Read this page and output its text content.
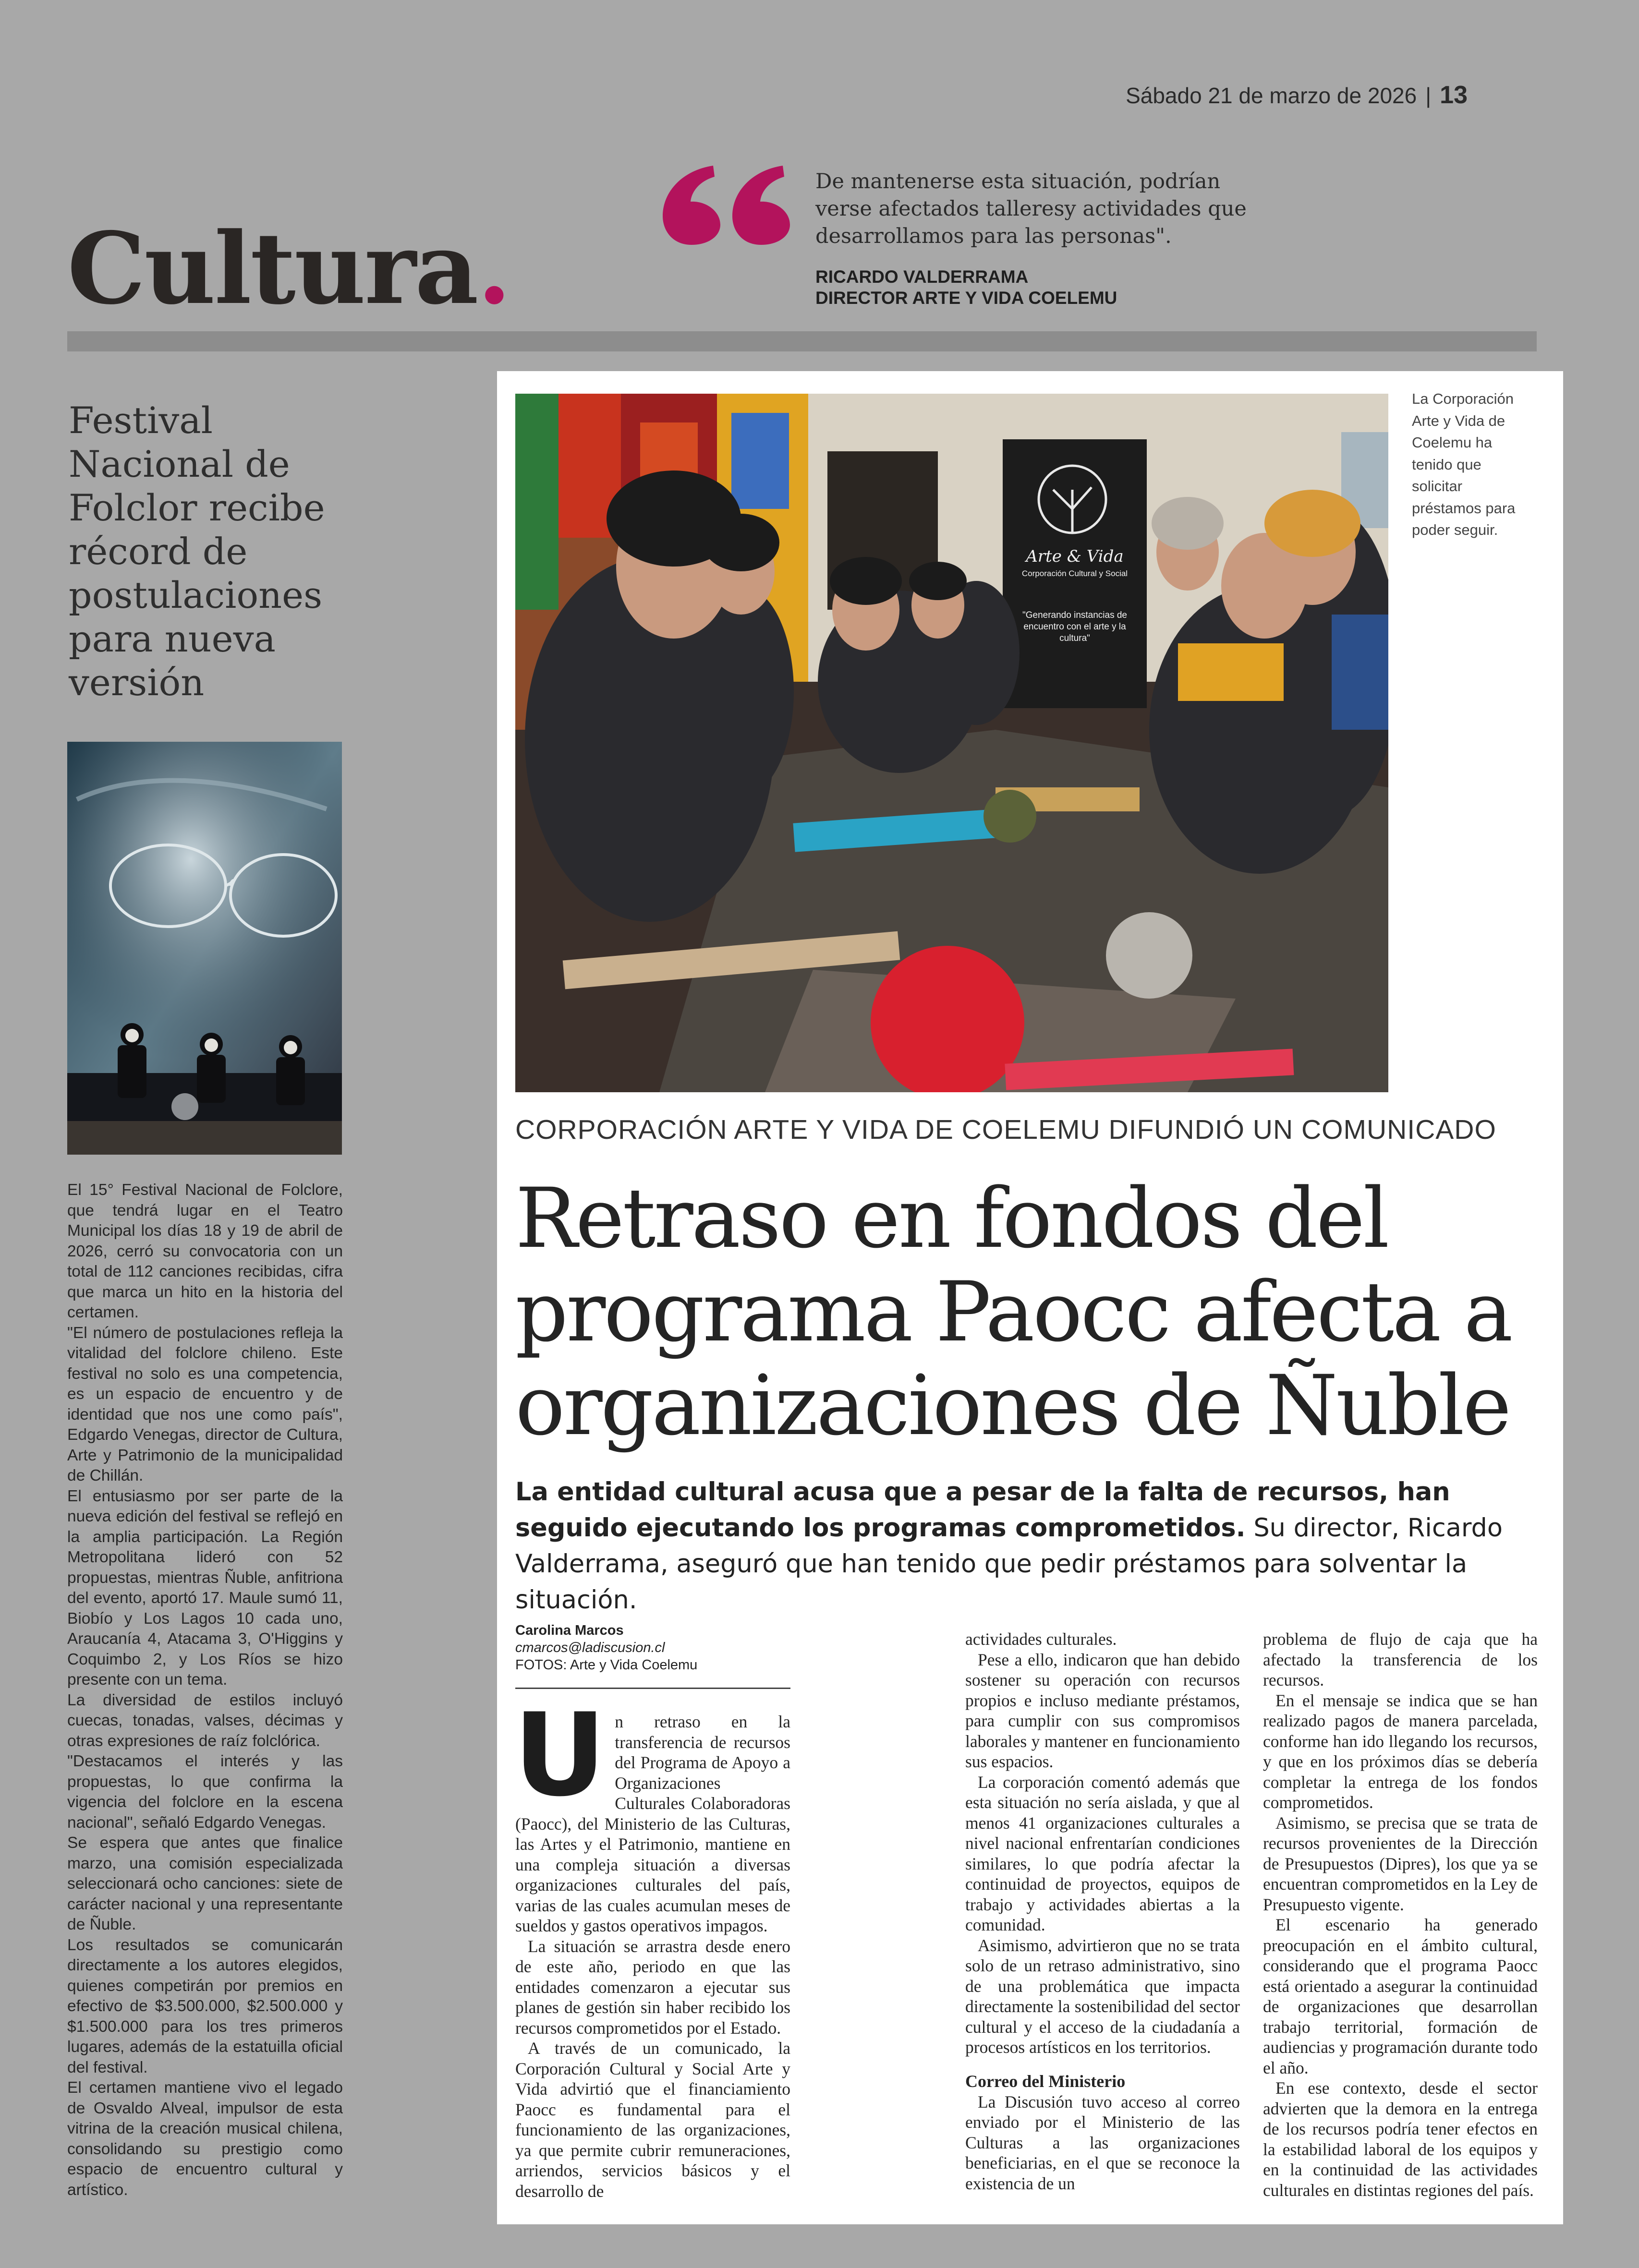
Sábado 21 de marzo de 2026 | 13
Cultura.
De mantenerse esta situación, podrían verse afectados talleresy actividades que desarrollamos para las personas".
RICARDO VALDERRAMA
DIRECTOR ARTE Y VIDA COELEMU
Festival Nacional de Folclor recibe récord de postulaciones para nueva versión

El 15° Festival Nacional de Folclore, que tendrá lugar en el Teatro Municipal los días 18 y 19 de abril de 2026, cerró su convocatoria con un total de 112 canciones recibidas, cifra que marca un hito en la historia del certamen.

"El número de postulaciones refleja la vitalidad del folclore chileno. Este festival no solo es una competencia, es un espacio de encuentro y de identidad que nos une como país", Edgardo Venegas, director de Cultura, Arte y Patrimonio de la municipalidad de Chillán.

El entusiasmo por ser parte de la nueva edición del festival se reflejó en la amplia participación. La Región Metropolitana lideró con 52 propuestas, mientras Ñuble, anfitriona del evento, aportó 17. Maule sumó 11, Biobío y Los Lagos 10 cada uno, Araucanía 4, Atacama 3, O'Higgins y Coquimbo 2, y Los Ríos se hizo presente con un tema.

La diversidad de estilos incluyó cuecas, tonadas, valses, décimas y otras expresiones de raíz folclórica.

"Destacamos el interés y las propuestas, lo que confirma la vigencia del folclore en la escena nacional", señaló Edgardo Venegas.

Se espera que antes que finalice marzo, una comisión especializada seleccionará ocho canciones: siete de carácter nacional y una representante de Ñuble.

Los resultados se comunicarán directamente a los autores elegidos, quienes competirán por premios en efectivo de $3.500.000, $2.500.000 y $1.500.000 para los tres primeros lugares, además de la estatuilla oficial del festival.

El certamen mantiene vivo el legado de Osvaldo Alveal, impulsor de esta vitrina de la creación musical chilena, consolidando su prestigio como espacio de encuentro cultural y artístico.

Arte & Vida
Corporación Cultural y Social
"Generando instancias de encuentro con el arte y la cultura"
La Corporación Arte y Vida de Coelemu ha tenido que solicitar préstamos para poder seguir.
CORPORACIÓN ARTE Y VIDA DE COELEMU DIFUNDIÓ UN COMUNICADO
Retraso en fondos del programa Paocc afecta a organizaciones de Ñuble
La entidad cultural acusa que a pesar de la falta de recursos, han seguido ejecutando los programas comprometidos. Su director, Ricardo Valderrama, aseguró que han tenido que pedir préstamos para solventar la situación.
Carolina Marcos
cmarcos@ladiscusion.cl
FOTOS: Arte y Vida Coelemu
U n retraso en la transferencia de recursos del Programa de Apoyo a Organizaciones Culturales Colaboradoras (Paocc), del Ministerio de las Culturas, las Artes y el Patrimonio, mantiene en una compleja situación a diversas organizaciones culturales del país, varias de las cuales acumulan meses de sueldos y gastos operativos impagos.

La situación se arrastra desde enero de este año, periodo en que las entidades comenzaron a ejecutar sus planes de gestión sin haber recibido los recursos comprometidos por el Estado.

A través de un comunicado, la Corporación Cultural y Social Arte y Vida advirtió que el financiamiento Paocc es fundamental para el funcionamiento de las organizaciones, ya que permite cubrir remuneraciones, arriendos, servicios básicos y el desarrollo de

actividades culturales.

Pese a ello, indicaron que han debido sostener su operación con recursos propios e incluso mediante préstamos, para cumplir con sus compromisos laborales y mantener en funcionamiento sus espacios.

La corporación comentó además que esta situación no sería aislada, y que al menos 41 organizaciones culturales a nivel nacional enfrentarían condiciones similares, lo que podría afectar la continuidad de proyectos, equipos de trabajo y actividades abiertas a la comunidad.

Asimismo, advirtieron que no se trata solo de un retraso administrativo, sino de una problemática que impacta directamente la sostenibilidad del sector cultural y el acceso de la ciudadanía a procesos artísticos en los territorios.

Correo del Ministerio

La Discusión tuvo acceso al correo enviado por el Ministerio de las Culturas a las organizaciones beneficiarias, en el que se reconoce la existencia de un

problema de flujo de caja que ha afectado la transferencia de los recursos.

En el mensaje se indica que se han realizado pagos de manera parcelada, conforme han ido llegando los recursos, y que en los próximos días se debería completar la entrega de los fondos comprometidos.

Asimismo, se precisa que se trata de recursos provenientes de la Dirección de Presupuestos (Dipres), los que ya se encuentran comprometidos en la Ley de Presupuesto vigente.

El escenario ha generado preocupación en el ámbito cultural, considerando que el programa Paocc está orientado a asegurar la continuidad de organizaciones que desarrollan trabajo territorial, formación de audiencias y programación durante todo el año.

En ese contexto, desde el sector advierten que la demora en la entrega de los recursos podría tener efectos en la estabilidad laboral de los equipos y en la continuidad de las actividades culturales en distintas regiones del país.
